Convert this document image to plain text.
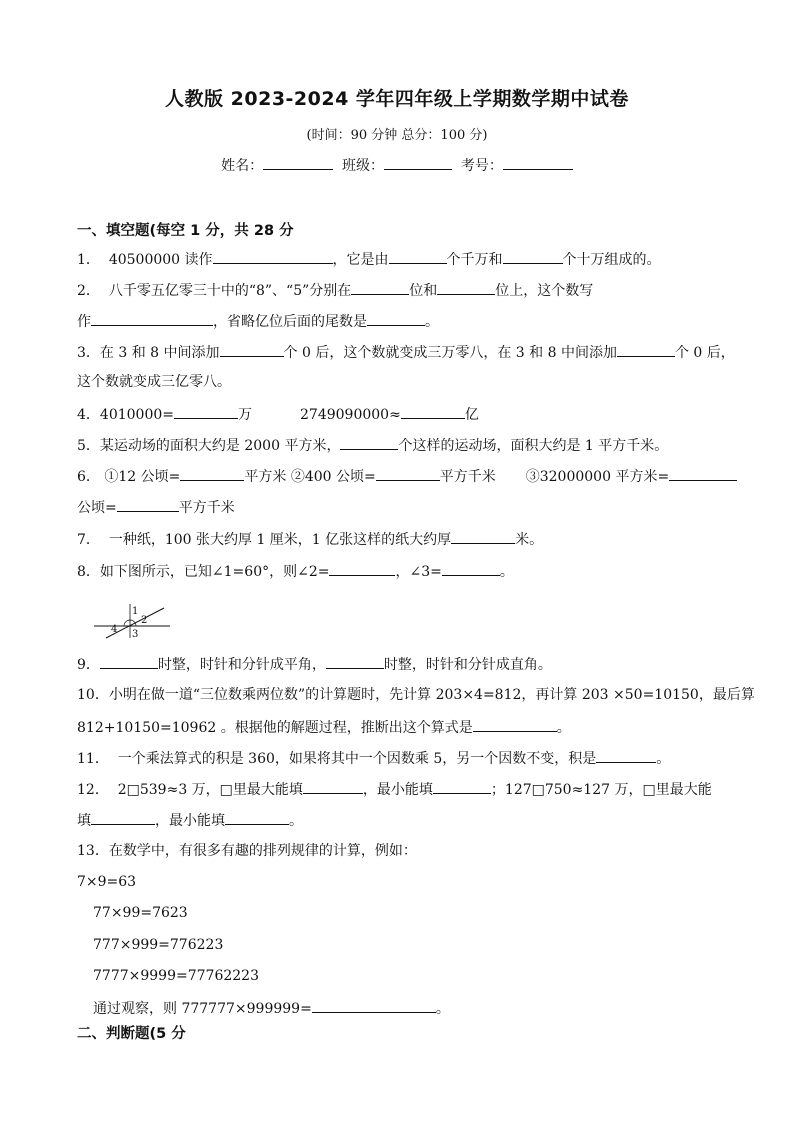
人教版 2023-2024 学年四年级上学期数学期中试卷
(时间：90 分钟 总分：100 分)
姓名：	班级：	考号：
一、填空题(每空 1 分，共 28 分
1． 40500000 读作	，它是由	个千万和	个十万组成的。
2． 八千零五亿零三十中的“8”、“5”分别在	位和	位上，这个数写
作	，省略亿位后面的尾数是	。
3．在 3 和 8 中间添加	个 0 后，这个数就变成三万零八，在 3 和 8 中间添加	个 0 后，
这个数就变成三亿零八。
4．4010000=	万	2749090000≈	亿
5．某运动场的面积大约是 2000 平方米，	个这样的运动场，面积大约是 1 平方千米。
6． ①12 公顷=	平方米 ②400 公顷=	平方千米 ③32000000 平方米=
公顷=	平方千米
7． 一种纸，100 张大约厚 1 厘米，1 亿张这样的纸大约厚	米。
8．如下图所示，已知∠1=60°，则∠2=	，∠3=	。
1
2
3
4
9．	时整，时针和分针成平角，	时整，时针和分针成直角。
10．小明在做一道“三位数乘两位数”的计算题时，先计算 203×4=812，再计算 203 ×50=10150，最后算
812+10150=10962 。根据他的解题过程，推断出这个算式是	。
11． 一个乘法算式的积是 360，如果将其中一个因数乘 5，另一个因数不变，积是	。
12． 2□539≈3 万，□里最大能填	，最小能填	；127□750≈127 万，□里最大能
填	，最小能填	。
13．在数学中，有很多有趣的排列规律的计算，例如：
7×9=63
77×99=7623
777×999=776223
7777×9999=77762223
通过观察，则 777777×999999=	。
二、判断题(5 分
